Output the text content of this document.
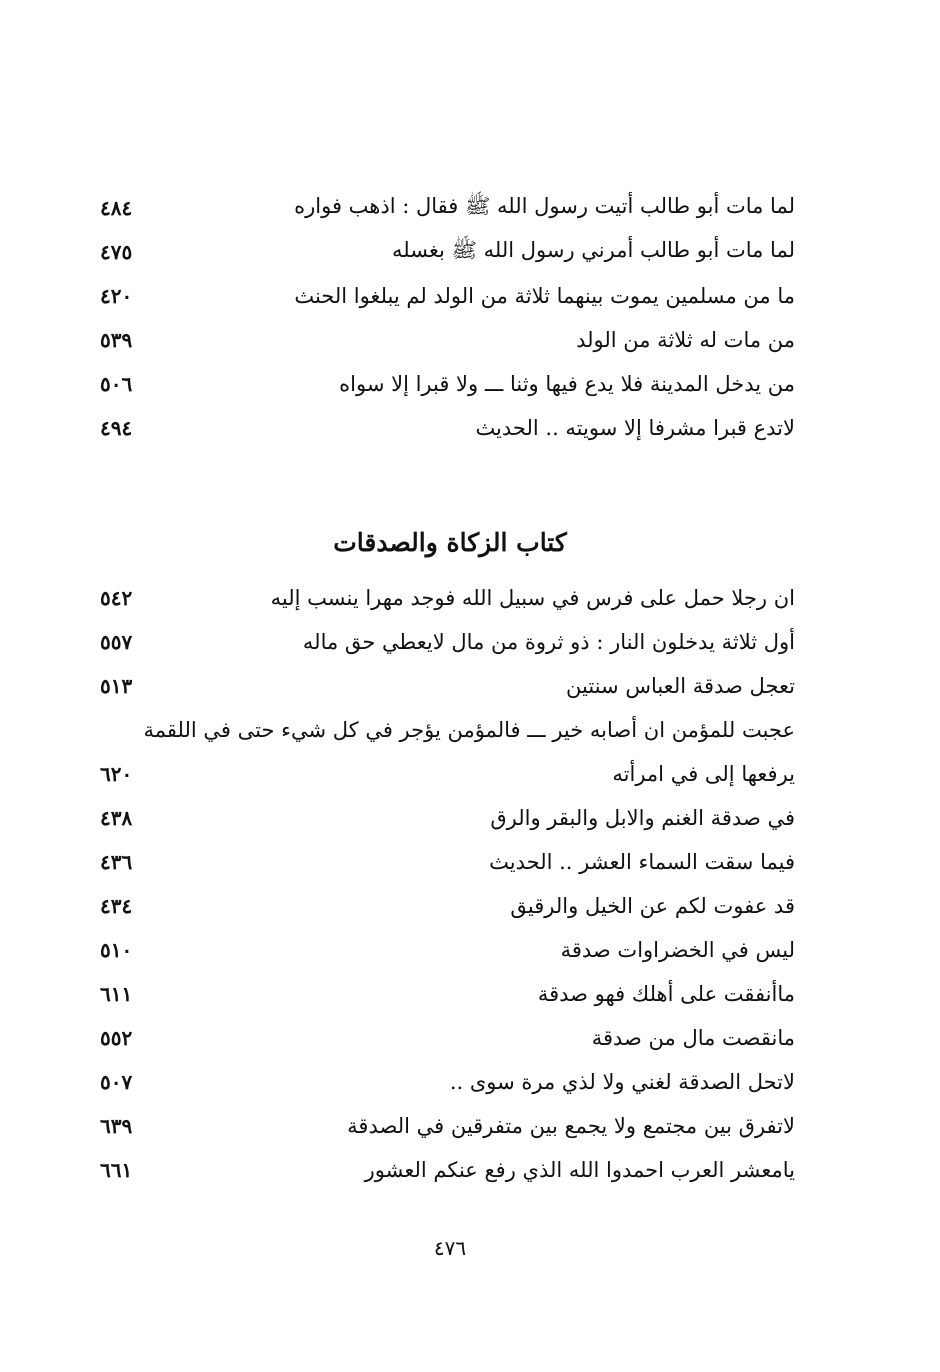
لما مات أبو طالب أتيت رسول الله ﷺ فقال : اذهب فواره
٤٨٤
لما مات أبو طالب أمرني رسول الله ﷺ بغسله
٤٧٥
ما من مسلمين يموت بينهما ثلاثة من الولد لم يبلغوا الحنث
٤٢٠
من مات له ثلاثة من الولد
٥٣٩
من يدخل المدينة فلا يدع فيها وثنا ـــ ولا قبرا إلا سواه
٥٠٦
لاتدع قبرا مشرفا إلا سويته .. الحديث
٤٩٤
كتاب الزكاة والصدقات
ان رجلا حمل على فرس في سبيل الله فوجد مهرا ينسب إليه
٥٤٢
أول ثلاثة يدخلون النار : ذو ثروة من مال لايعطي حق ماله
٥٥٧
تعجل صدقة العباس سنتين
٥١٣
عجبت للمؤمن ان أصابه خير ـــ فالمؤمن يؤجر في كل شيء حتى في اللقمة
يرفعها إلى في امرأته
٦٢٠
في صدقة الغنم والابل والبقر والرق
٤٣٨
فيما سقت السماء العشر .. الحديث
٤٣٦
قد عفوت لكم عن الخيل والرقيق
٤٣٤
ليس في الخضراوات صدقة
٥١٠
ماأنفقت على أهلك فهو صدقة
٦١١
مانقصت مال من صدقة
٥٥٢
لاتحل الصدقة لغني ولا لذي مرة سوى ..
٥٠٧
لاتفرق بين مجتمع ولا يجمع بين متفرقين في الصدقة
٦٣٩
يامعشر العرب احمدوا الله الذي رفع عنكم العشور
٦٦١
٤٧٦
